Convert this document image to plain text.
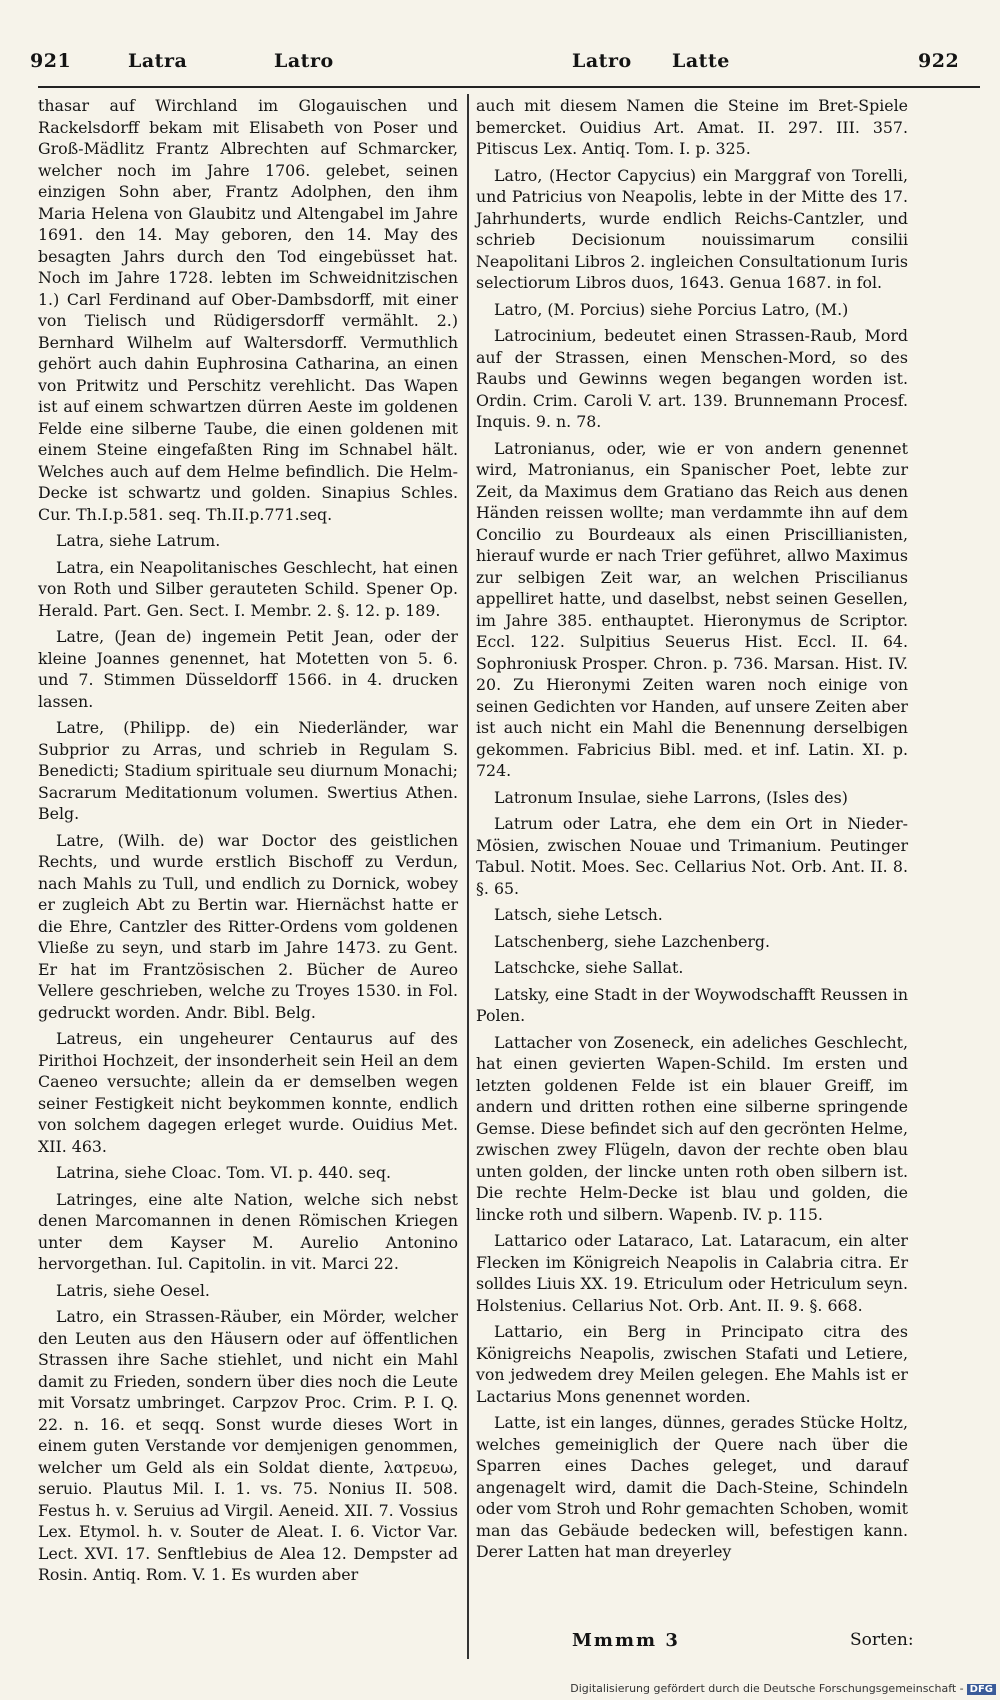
921	Latra	Latro	Latro Latte	922

thasar auf Wirchland im Glogauischen und Rackelsdorff bekam mit Elisabeth von Poser und Groß-Mädlitz Frantz Albrechten auf Schmarcker, welcher noch im Jahre 1706. gelebet, seinen einzigen Sohn aber, Frantz Adolphen, den ihm Maria Helena von Glaubitz und Altengabel im Jahre 1691. den 14. May geboren, den 14. May des besagten Jahrs durch den Tod eingebüsset hat. Noch im Jahre 1728. lebten im Schweidnitzischen 1.) Carl Ferdinand auf Ober-Dambsdorff, mit einer von Tielisch und Rüdigersdorff vermählt. 2.) Bernhard Wilhelm auf Waltersdorff. Vermuthlich gehört auch dahin Euphrosina Catharina, an einen von Pritwitz und Perschitz verehlicht. Das Wapen ist auf einem schwartzen dürren Aeste im goldenen Felde eine silberne Taube, die einen goldenen mit einem Steine eingefaßten Ring im Schnabel hält. Welches auch auf dem Helme befindlich. Die Helm-Decke ist schwartz und golden. Sinapius Schles. Cur. Th.I.p.581. seq. Th.II.p.771.seq.

Latra, siehe Latrum.

Latra, ein Neapolitanisches Geschlecht, hat einen von Roth und Silber gerauteten Schild. Spener Op. Herald. Part. Gen. Sect. I. Membr. 2. §. 12. p. 189.

Latre, (Jean de) ingemein Petit Jean, oder der kleine Joannes genennet, hat Motetten von 5. 6. und 7. Stimmen Düsseldorff 1566. in 4. drucken lassen.

Latre, (Philipp. de) ein Niederländer, war Subprior zu Arras, und schrieb in Regulam S. Benedicti; Stadium spirituale seu diurnum Monachi; Sacrarum Meditationum volumen. Swertius Athen. Belg.

Latre, (Wilh. de) war Doctor des geistlichen Rechts, und wurde erstlich Bischoff zu Verdun, nach Mahls zu Tull, und endlich zu Dornick, wobey er zugleich Abt zu Bertin war. Hiernächst hatte er die Ehre, Cantzler des Ritter-Ordens vom goldenen Vließe zu seyn, und starb im Jahre 1473. zu Gent. Er hat im Frantzösischen 2. Bücher de Aureo Vellere geschrieben, welche zu Troyes 1530. in Fol. gedruckt worden. Andr. Bibl. Belg.

Latreus, ein ungeheurer Centaurus auf des Pirithoi Hochzeit, der insonderheit sein Heil an dem Caeneo versuchte; allein da er demselben wegen seiner Festigkeit nicht beykommen konnte, endlich von solchem dagegen erleget wurde. Ouidius Met. XII. 463.

Latrina, siehe Cloac. Tom. VI. p. 440. seq.

Latringes, eine alte Nation, welche sich nebst denen Marcomannen in denen Römischen Kriegen unter dem Kayser M. Aurelio Antonino hervorgethan. Iul. Capitolin. in vit. Marci 22.

Latris, siehe Oesel.

Latro, ein Strassen-Räuber, ein Mörder, welcher den Leuten aus den Häusern oder auf öffentlichen Strassen ihre Sache stiehlet, und nicht ein Mahl damit zu Frieden, sondern über dies noch die Leute mit Vorsatz umbringet. Carpzov Proc. Crim. P. I. Q. 22. n. 16. et seqq. Sonst wurde dieses Wort in einem guten Verstande vor demjenigen genommen, welcher um Geld als ein Soldat diente, λατρευω, seruio. Plautus Mil. I. 1. vs. 75. Nonius II. 508. Festus h. v. Seruius ad Virgil. Aeneid. XII. 7. Vossius Lex. Etymol. h. v. Souter de Aleat. I. 6. Victor Var. Lect. XVI. 17. Senftlebius de Alea 12. Dempster ad Rosin. Antiq. Rom. V. 1. Es wurden aber

auch mit diesem Namen die Steine im Bret-Spiele bemercket. Ouidius Art. Amat. II. 297. III. 357. Pitiscus Lex. Antiq. Tom. I. p. 325.

Latro, (Hector Capycius) ein Marggraf von Torelli, und Patricius von Neapolis, lebte in der Mitte des 17. Jahrhunderts, wurde endlich Reichs-Cantzler, und schrieb Decisionum nouissimarum consilii Neapolitani Libros 2. ingleichen Consultationum Iuris selectiorum Libros duos, 1643. Genua 1687. in fol.

Latro, (M. Porcius) siehe Porcius Latro, (M.)

Latrocinium, bedeutet einen Strassen-Raub, Mord auf der Strassen, einen Menschen-Mord, so des Raubs und Gewinns wegen begangen worden ist. Ordin. Crim. Caroli V. art. 139. Brunnemann Procesf. Inquis. 9. n. 78.

Latronianus, oder, wie er von andern genennet wird, Matronianus, ein Spanischer Poet, lebte zur Zeit, da Maximus dem Gratiano das Reich aus denen Händen reissen wollte; man verdammte ihn auf dem Concilio zu Bourdeaux als einen Priscillianisten, hierauf wurde er nach Trier geführet, allwo Maximus zur selbigen Zeit war, an welchen Priscilianus appelliret hatte, und daselbst, nebst seinen Gesellen, im Jahre 385. enthauptet. Hieronymus de Scriptor. Eccl. 122. Sulpitius Seuerus Hist. Eccl. II. 64. Sophroniusk Prosper. Chron. p. 736. Marsan. Hist. IV. 20. Zu Hieronymi Zeiten waren noch einige von seinen Gedichten vor Handen, auf unsere Zeiten aber ist auch nicht ein Mahl die Benennung derselbigen gekommen. Fabricius Bibl. med. et inf. Latin. XI. p. 724.

Latronum Insulae, siehe Larrons, (Isles des)

Latrum oder Latra, ehe dem ein Ort in Nieder-Mösien, zwischen Nouae und Trimanium. Peutinger Tabul. Notit. Moes. Sec. Cellarius Not. Orb. Ant. II. 8. §. 65.

Latsch, siehe Letsch.

Latschenberg, siehe Lazchenberg.

Latschcke, siehe Sallat.

Latsky, eine Stadt in der Woywodschafft Reussen in Polen.

Lattacher von Zoseneck, ein adeliches Geschlecht, hat einen gevierten Wapen-Schild. Im ersten und letzten goldenen Felde ist ein blauer Greiff, im andern und dritten rothen eine silberne springende Gemse. Diese befindet sich auf den gecrönten Helme, zwischen zwey Flügeln, davon der rechte oben blau unten golden, der lincke unten roth oben silbern ist. Die rechte Helm-Decke ist blau und golden, die lincke roth und silbern. Wapenb. IV. p. 115.

Lattarico oder Lataraco, Lat. Lataracum, ein alter Flecken im Königreich Neapolis in Calabria citra. Er solldes Liuis XX. 19. Etriculum oder Hetriculum seyn. Holstenius. Cellarius Not. Orb. Ant. II. 9. §. 668.

Lattario, ein Berg in Principato citra des Königreichs Neapolis, zwischen Stafati und Letiere, von jedwedem drey Meilen gelegen. Ehe Mahls ist er Lactarius Mons genennet worden.

Latte, ist ein langes, dünnes, gerades Stücke Holtz, welches gemeiniglich der Quere nach über die Sparren eines Daches geleget, und darauf angenagelt wird, damit die Dach-Steine, Schindeln oder vom Stroh und Rohr gemachten Schoben, womit man das Gebäude bedecken will, befestigen kann. Derer Latten hat man dreyerley

Mmmm 3	Sorten:
Digitalisierung gefördert durch die Deutsche Forschungsgemeinschaft - DFG
